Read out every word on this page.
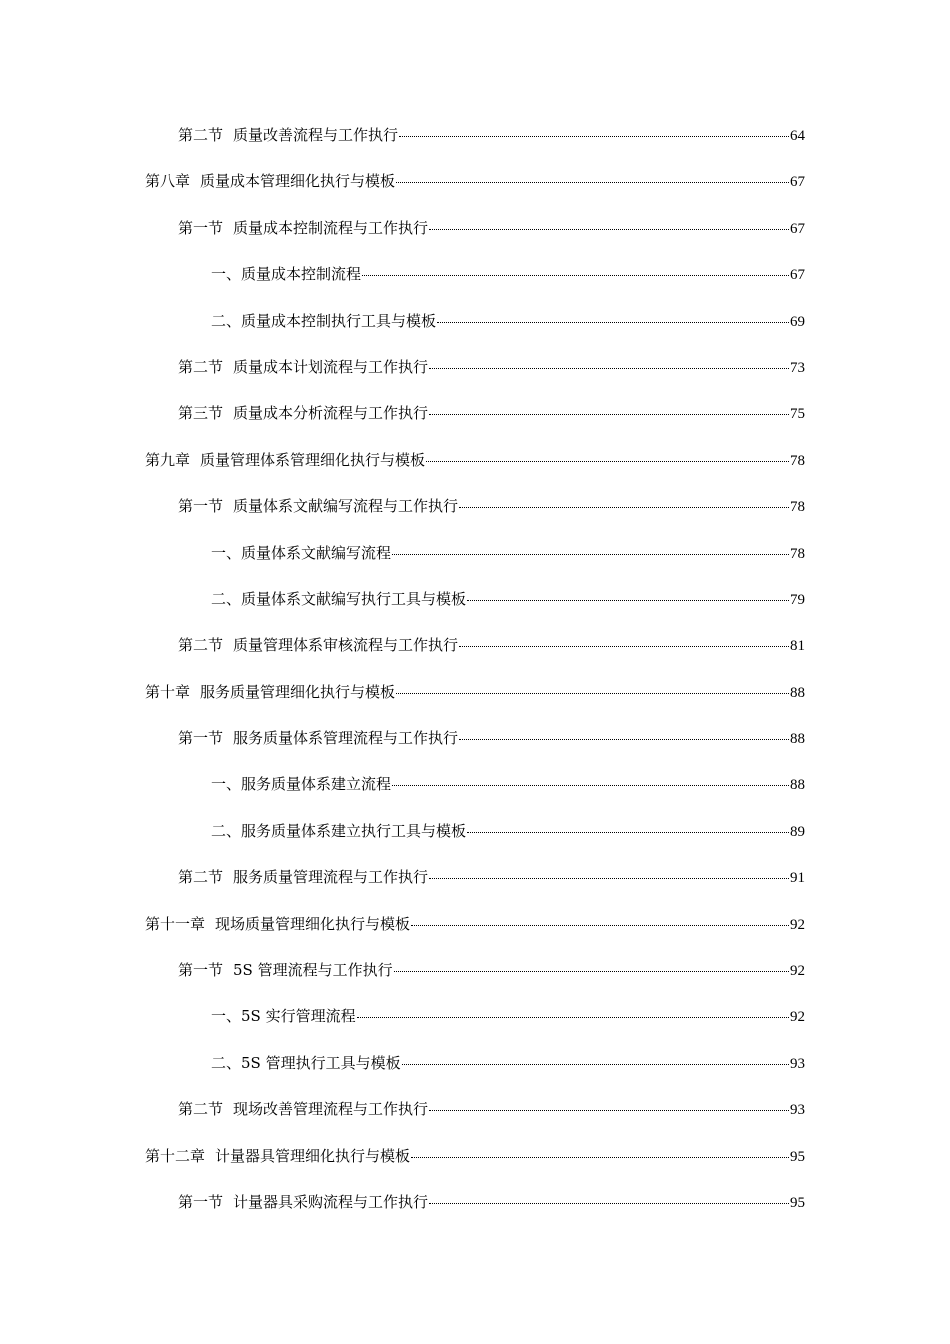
第二节 质量改善流程与工作执行	64
第八章 质量成本管理细化执行与模板	67
第一节 质量成本控制流程与工作执行	67
一、质量成本控制流程	67
二、质量成本控制执行工具与模板	69
第二节 质量成本计划流程与工作执行	73
第三节 质量成本分析流程与工作执行	75
第九章 质量管理体系管理细化执行与模板	78
第一节 质量体系文献编写流程与工作执行	78
一、质量体系文献编写流程	78
二、质量体系文献编写执行工具与模板	79
第二节 质量管理体系审核流程与工作执行	81
第十章 服务质量管理细化执行与模板	88
第一节 服务质量体系管理流程与工作执行	88
一、服务质量体系建立流程	88
二、服务质量体系建立执行工具与模板	89
第二节 服务质量管理流程与工作执行	91
第十一章 现场质量管理细化执行与模板	92
第一节 5S 管理流程与工作执行	92
一、5S 实行管理流程	92
二、5S 管理执行工具与模板	93
第二节 现场改善管理流程与工作执行	93
第十二章 计量器具管理细化执行与模板	95
第一节 计量器具采购流程与工作执行	95
